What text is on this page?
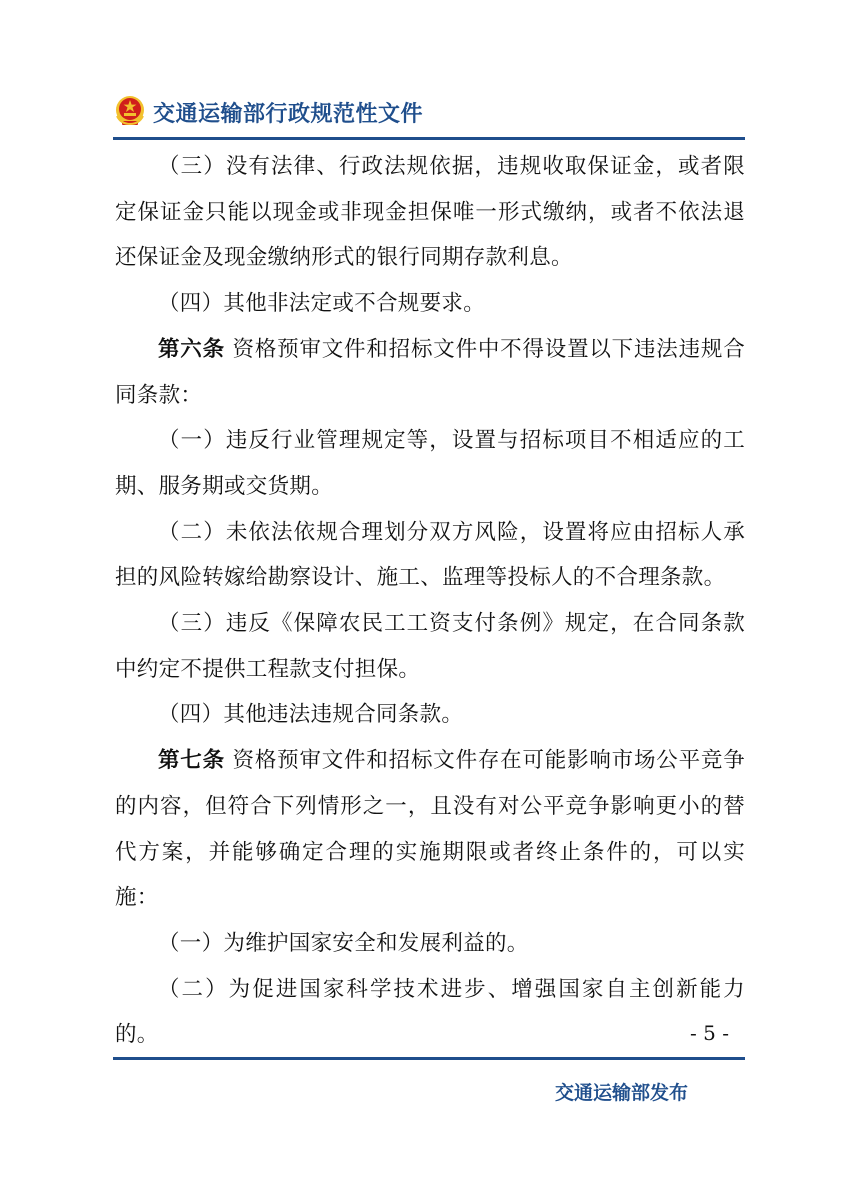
交通运输部行政规范性文件

（三）没有法律、行政法规依据，违规收取保证金，或者限定保证金只能以现金或非现金担保唯一形式缴纳，或者不依法退还保证金及现金缴纳形式的银行同期存款利息。

（四）其他非法定或不合规要求。

第六条 资格预审文件和招标文件中不得设置以下违法违规合同条款：

（一）违反行业管理规定等，设置与招标项目不相适应的工期、服务期或交货期。

（二）未依法依规合理划分双方风险，设置将应由招标人承担的风险转嫁给勘察设计、施工、监理等投标人的不合理条款。

（三）违反《保障农民工工资支付条例》规定，在合同条款中约定不提供工程款支付担保。

（四）其他违法违规合同条款。

第七条 资格预审文件和招标文件存在可能影响市场公平竞争的内容，但符合下列情形之一，且没有对公平竞争影响更小的替代方案，并能够确定合理的实施期限或者终止条件的，可以实施：

（一）为维护国家安全和发展利益的。

（二）为促进国家科学技术进步、增强国家自主创新能力的。	- 5 -
交通运输部发布
